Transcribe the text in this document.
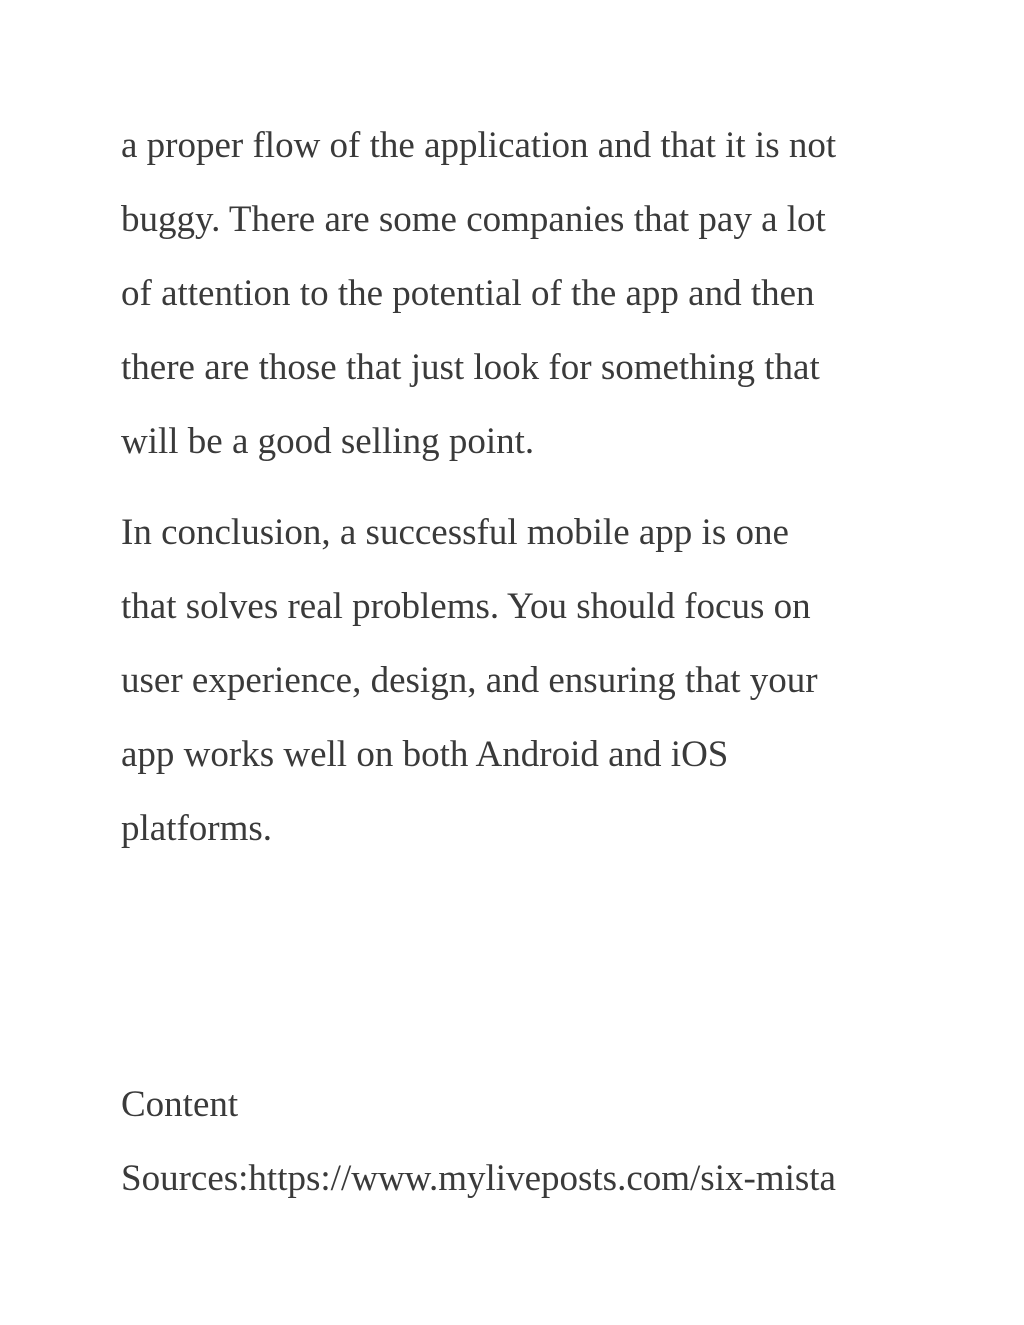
a proper flow of the application and that it is not
buggy. There are some companies that pay a lot
of attention to the potential of the app and then
there are those that just look for something that
will be a good selling point.

In conclusion, a successful mobile app is one
that solves real problems. You should focus on
user experience, design, and ensuring that your
app works well on both Android and iOS
platforms.

Content
Sources:https://www.myliveposts.com/six-mista
